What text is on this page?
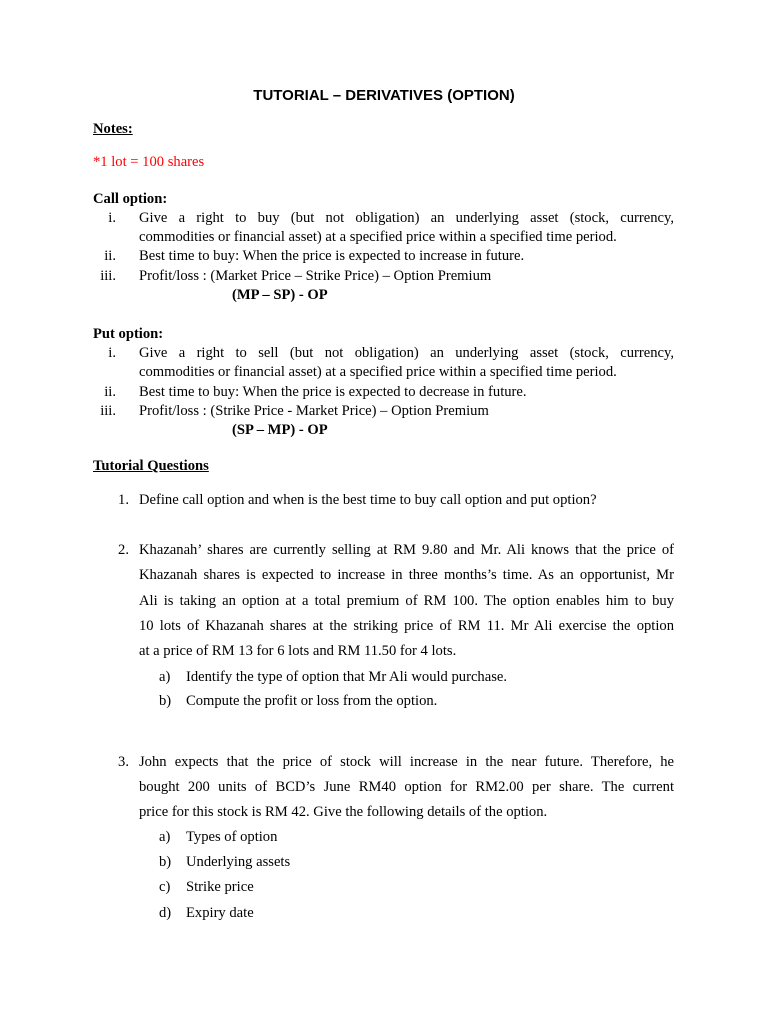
TUTORIAL – DERIVATIVES (OPTION)
Notes:
*1 lot = 100 shares
Call option:
i. Give a right to buy (but not obligation) an underlying asset (stock, currency,
commodities or financial asset) at a specified price within a specified time period.
ii. Best time to buy: When the price is expected to increase in future.
iii. Profit/loss : (Market Price – Strike Price) – Option Premium
(MP – SP) - OP
Put option:
i. Give a right to sell (but not obligation) an underlying asset (stock, currency,
commodities or financial asset) at a specified price within a specified time period.
ii. Best time to buy: When the price is expected to decrease in future.
iii. Profit/loss : (Strike Price - Market Price) – Option Premium
(SP – MP) - OP
Tutorial Questions
1. Define call option and when is the best time to buy call option and put option?
2. Khazanah’ shares are currently selling at RM 9.80 and Mr. Ali knows that the price of
Khazanah shares is expected to increase in three months’s time. As an opportunist, Mr
Ali is taking an option at a total premium of RM 100. The option enables him to buy
10 lots of Khazanah shares at the striking price of RM 11. Mr Ali exercise the option
at a price of RM 13 for 6 lots and RM 11.50 for 4 lots.
a)	Identify the type of option that Mr Ali would purchase.
b)	Compute the profit or loss from the option.
3. John expects that the price of stock will increase in the near future. Therefore, he
bought 200 units of BCD’s June RM40 option for RM2.00 per share. The current
price for this stock is RM 42. Give the following details of the option.
a)	Types of option
b)	Underlying assets
c)	Strike price
d)	Expiry date
